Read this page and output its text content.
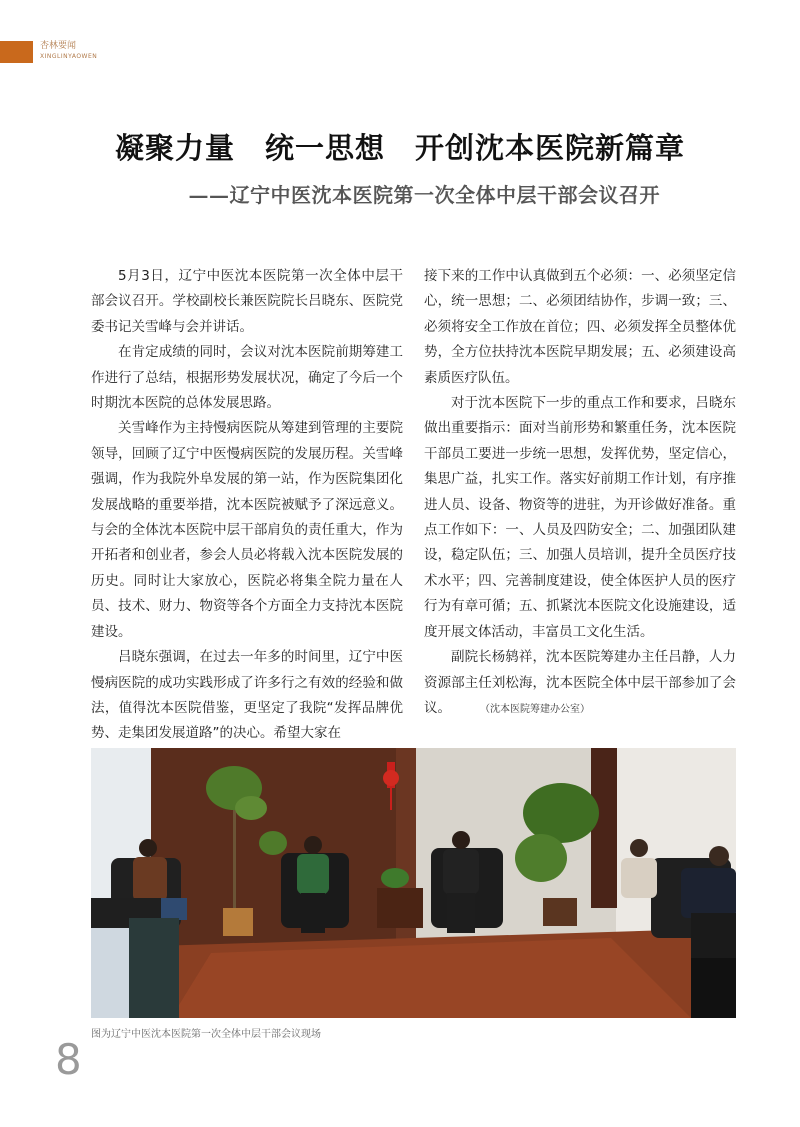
杏林要闻
XINGLINYAOWEN
凝聚力量　统一思想　开创沈本医院新篇章
——辽宁中医沈本医院第一次全体中层干部会议召开

5月3日，辽宁中医沈本医院第一次全体中层干部会议召开。学校副校长兼医院院长吕晓东、医院党委书记关雪峰与会并讲话。

在肯定成绩的同时，会议对沈本医院前期筹建工作进行了总结，根据形势发展状况，确定了今后一个时期沈本医院的总体发展思路。

关雪峰作为主持慢病医院从筹建到管理的主要院领导，回顾了辽宁中医慢病医院的发展历程。关雪峰强调，作为我院外阜发展的第一站，作为医院集团化发展战略的重要举措，沈本医院被赋予了深远意义。与会的全体沈本医院中层干部肩负的责任重大，作为开拓者和创业者，参会人员必将载入沈本医院发展的历史。同时让大家放心，医院必将集全院力量在人员、技术、财力、物资等各个方面全力支持沈本医院建设。

吕晓东强调，在过去一年多的时间里，辽宁中医慢病医院的成功实践形成了许多行之有效的经验和做法，值得沈本医院借鉴，更坚定了我院“发挥品牌优势、走集团发展道路”的决心。希望大家在

接下来的工作中认真做到五个必须：一、必须坚定信心，统一思想；二、必须团结协作，步调一致；三、必须将安全工作放在首位；四、必须发挥全员整体优势，全方位扶持沈本医院早期发展；五、必须建设高素质医疗队伍。

对于沈本医院下一步的重点工作和要求，吕晓东做出重要指示：面对当前形势和繁重任务，沈本医院干部员工要进一步统一思想，发挥优势，坚定信心，集思广益，扎实工作。落实好前期工作计划，有序推进人员、设备、物资等的进驻，为开诊做好准备。重点工作如下：一、人员及四防安全；二、加强团队建设，稳定队伍；三、加强人员培训，提升全员医疗技术水平；四、完善制度建设，使全体医护人员的医疗行为有章可循；五、抓紧沈本医院文化设施建设，适度开展文体活动，丰富员工文化生活。

副院长杨鸫祥，沈本医院筹建办主任吕静，人力资源部主任刘松海，沈本医院全体中层干部参加了会议。	（沈本医院筹建办公室）

图为辽宁中医沈本医院第一次全体中层干部会议现场
8
